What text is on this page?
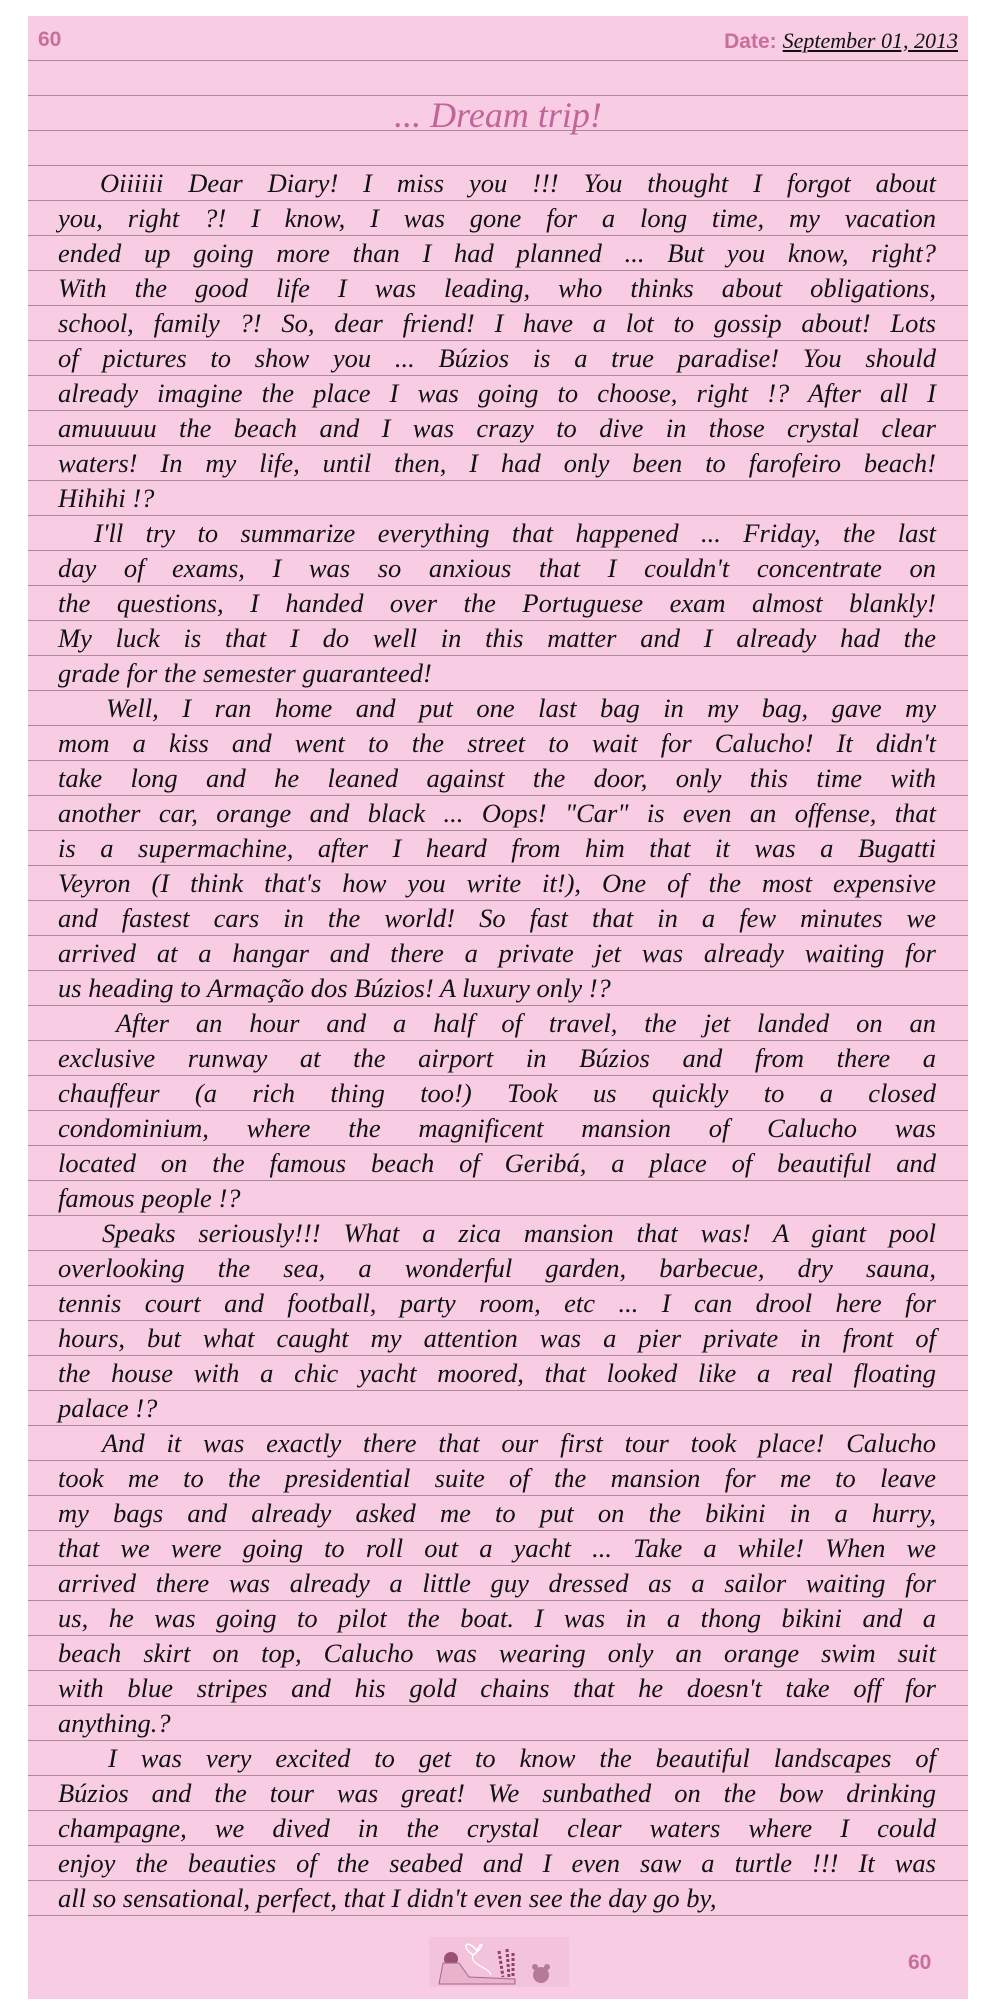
60	Date: September 01, 2013
... Dream trip!
Oiiiiii Dear Diary! I miss you !!! You thought I forgot about
you, right ?! I know, I was gone for a long time, my vacation
ended up going more than I had planned ... But you know, right?
With the good life I was leading, who thinks about obligations,
school, family ?! So, dear friend! I have a lot to gossip about! Lots
of pictures to show you ... Búzios is a true paradise! You should
already imagine the place I was going to choose, right !? After all I
amuuuuu the beach and I was crazy to dive in those crystal clear
waters! In my life, until then, I had only been to farofeiro beach!
Hihihi !?
I'll try to summarize everything that happened ... Friday, the last
day of exams, I was so anxious that I couldn't concentrate on
the questions, I handed over the Portuguese exam almost blankly!
My luck is that I do well in this matter and I already had the
grade for the semester guaranteed!
Well, I ran home and put one last bag in my bag, gave my
mom a kiss and went to the street to wait for Calucho! It didn't
take long and he leaned against the door, only this time with
another car, orange and black ... Oops! "Car" is even an offense, that
is a supermachine, after I heard from him that it was a Bugatti
Veyron (I think that's how you write it!), One of the most expensive
and fastest cars in the world! So fast that in a few minutes we
arrived at a hangar and there a private jet was already waiting for
us heading to Armação dos Búzios! A luxury only !?
After an hour and a half of travel, the jet landed on an
exclusive runway at the airport in Búzios and from there a
chauffeur (a rich thing too!) Took us quickly to a closed
condominium, where the magnificent mansion of Calucho was
located on the famous beach of Geribá, a place of beautiful and
famous people !?
Speaks seriously!!! What a zica mansion that was! A giant pool
overlooking the sea, a wonderful garden, barbecue, dry sauna,
tennis court and football, party room, etc ... I can drool here for
hours, but what caught my attention was a pier private in front of
the house with a chic yacht moored, that looked like a real floating
palace !?
And it was exactly there that our first tour took place! Calucho
took me to the presidential suite of the mansion for me to leave
my bags and already asked me to put on the bikini in a hurry,
that we were going to roll out a yacht ... Take a while! When we
arrived there was already a little guy dressed as a sailor waiting for
us, he was going to pilot the boat. I was in a thong bikini and a
beach skirt on top, Calucho was wearing only an orange swim suit
with blue stripes and his gold chains that he doesn't take off for
anything.?
I was very excited to get to know the beautiful landscapes of
Búzios and the tour was great! We sunbathed on the bow drinking
champagne, we dived in the crystal clear waters where I could
enjoy the beauties of the seabed and I even saw a turtle !!! It was
all so sensational, perfect, that I didn't even see the day go by,
60
